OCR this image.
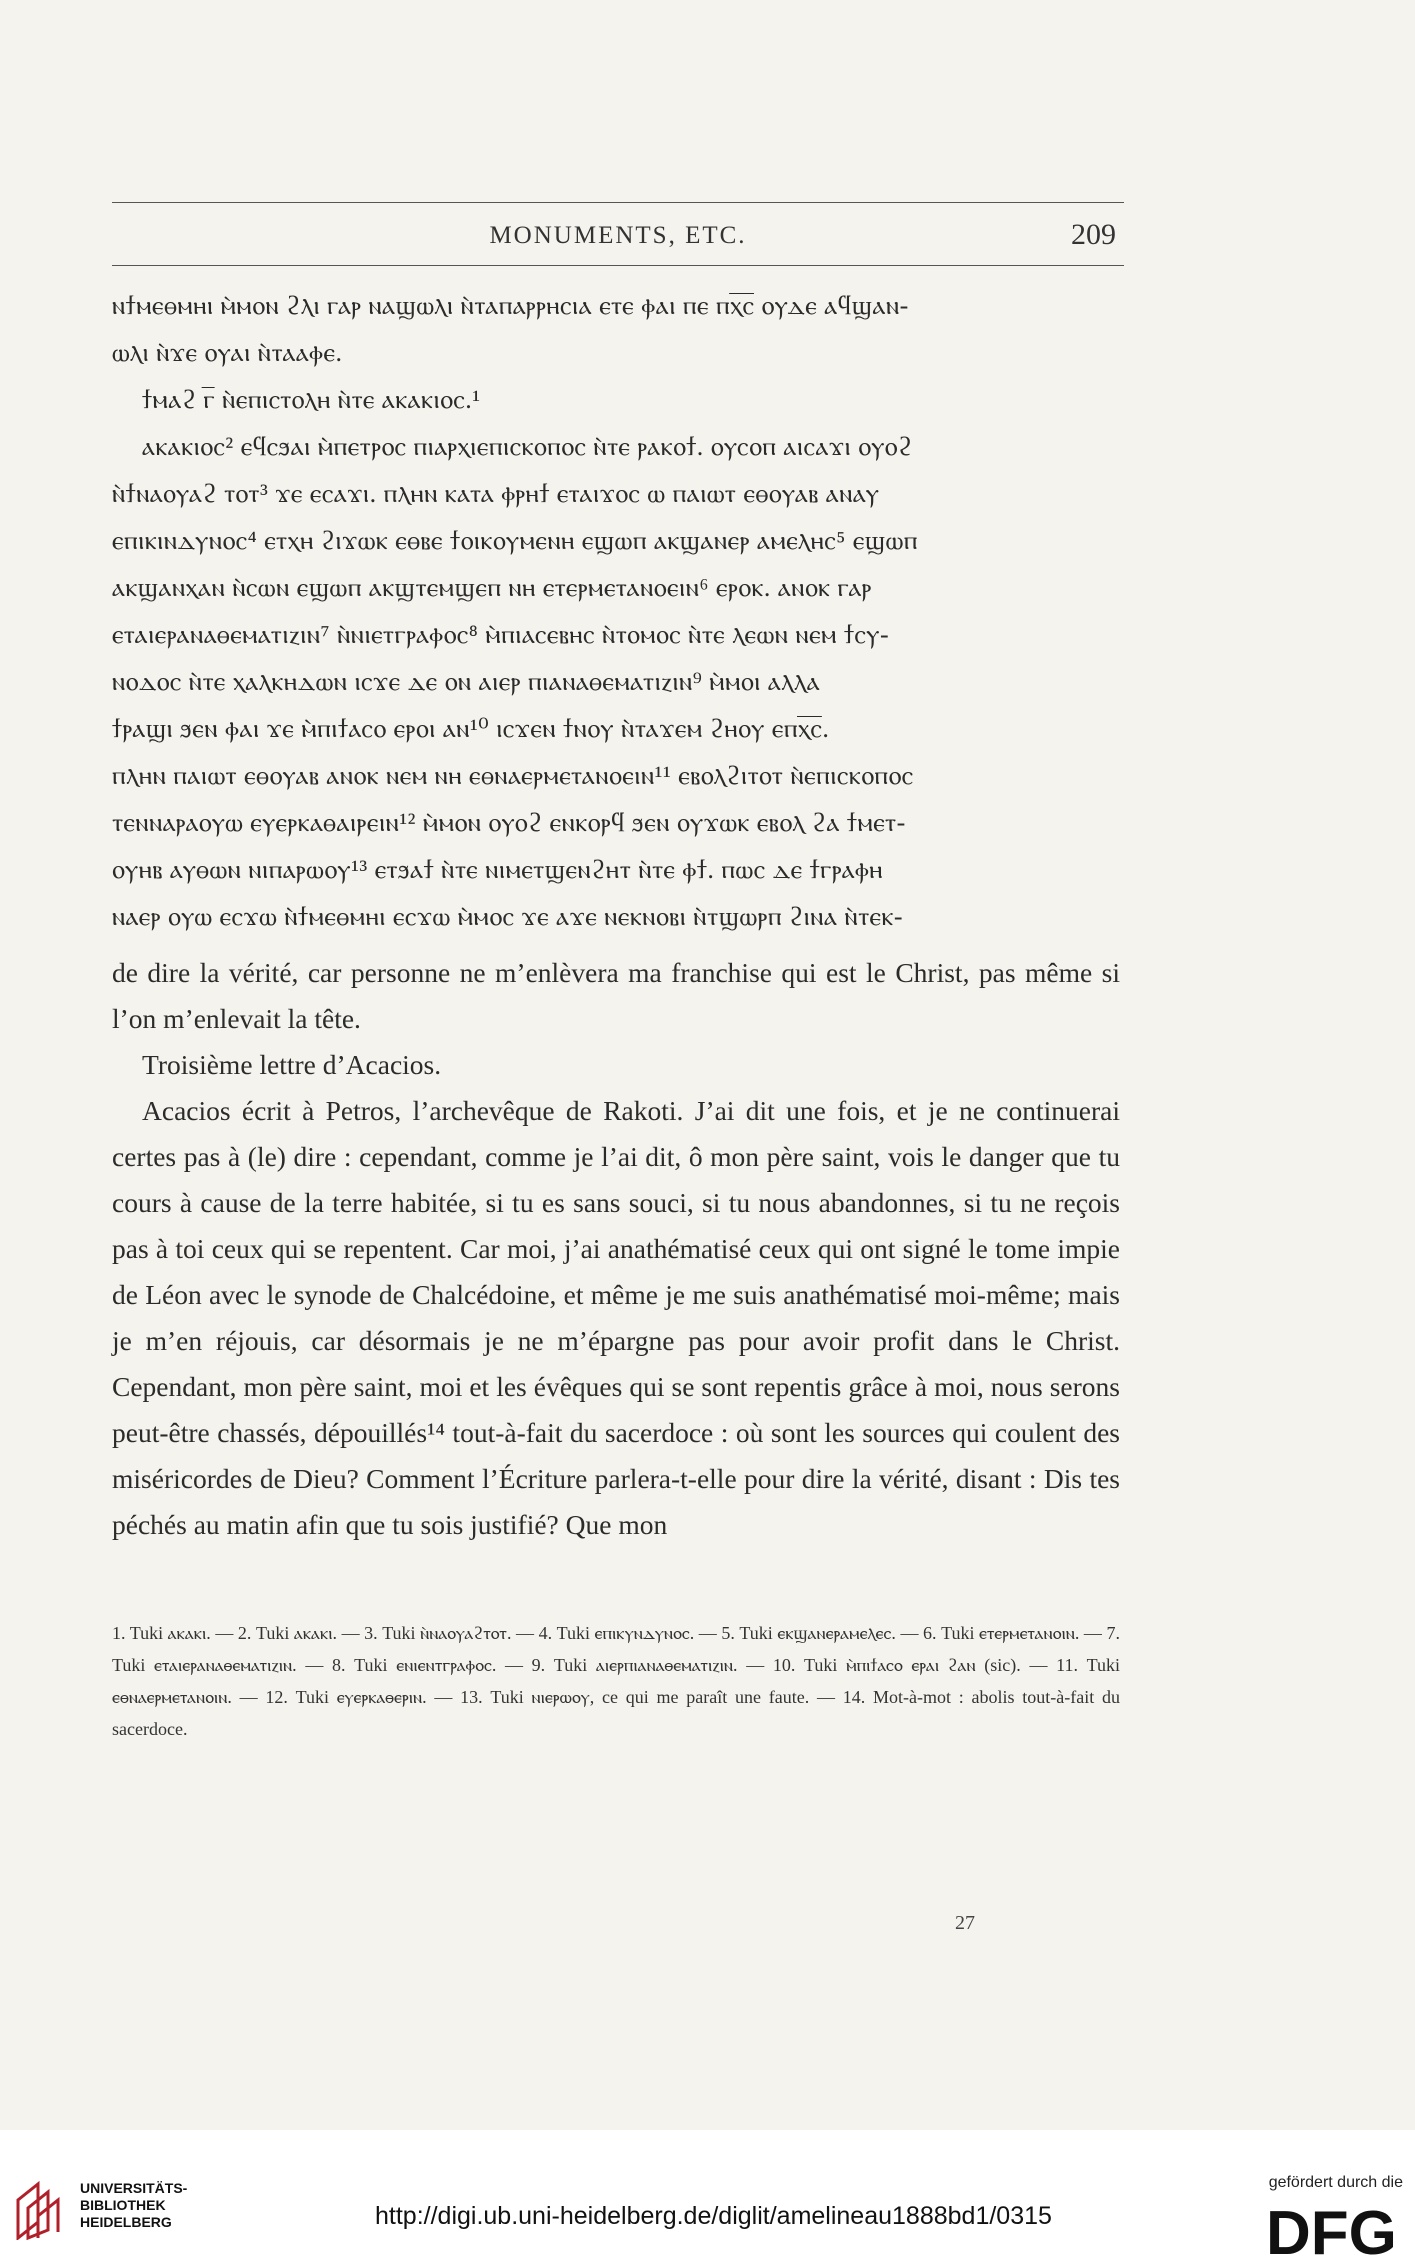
MONUMENTS, ETC.	209

ⲛϯⲙⲉⲑⲙⲏⲓ ⲙ̀ⲙⲟⲛ ϩⲗⲓ ⲅⲁⲣ ⲛⲁϣⲱⲗⲓ ⲛ̀ⲧⲁⲡⲁⲣⲣⲏⲥⲓⲁ ⲉⲧⲉ ⲫⲁⲓ ⲡⲉ ⲡⲭ̅ⲥ̅ ⲟⲩⲇⲉ ⲁϥϣⲁⲛ-

ⲱⲗⲓ ⲛ̀ϫⲉ ⲟⲩⲁⲓ ⲛ̀ⲧⲁⲁⲫⲉ.

ϯⲙⲁϩ ⲅ̅ ⲛ̀ⲉⲡⲓⲥⲧⲟⲗⲏ ⲛ̀ⲧⲉ ⲁⲕⲁⲕⲓⲟⲥ.¹

ⲁⲕⲁⲕⲓⲟⲥ² ⲉϥⲥϧⲁⲓ ⲙ̀ⲡⲉⲧⲣⲟⲥ ⲡⲓⲁⲣⲭⲓⲉⲡⲓⲥⲕⲟⲡⲟⲥ ⲛ̀ⲧⲉ ⲣⲁⲕⲟϯ. ⲟⲩⲥⲟⲡ ⲁⲓⲥⲁϫⲓ ⲟⲩⲟϩ

ⲛ̀ϯⲛⲁⲟⲩⲁϩ ⲧⲟⲧ³ ϫⲉ ⲉⲥⲁϫⲓ. ⲡⲗⲏⲛ ⲕⲁⲧⲁ ⲫⲣⲏϯ ⲉⲧⲁⲓϫⲟⲥ ⲱ ⲡⲁⲓⲱⲧ ⲉⲑⲟⲩⲁⲃ ⲁⲛⲁⲩ

ⲉⲡⲓⲕⲓⲛⲇⲩⲛⲟⲥ⁴ ⲉⲧⲭⲏ ϩⲓϫⲱⲕ ⲉⲑⲃⲉ ϯⲟⲓⲕⲟⲩⲙⲉⲛⲏ ⲉϣⲱⲡ ⲁⲕϣⲁⲛⲉⲣ ⲁⲙⲉⲗⲏⲥ⁵ ⲉϣⲱⲡ

ⲁⲕϣⲁⲛⲭⲁⲛ ⲛ̀ⲥⲱⲛ ⲉϣⲱⲡ ⲁⲕϣⲧⲉⲙϣⲉⲡ ⲛⲏ ⲉⲧⲉⲣⲙⲉⲧⲁⲛⲟⲉⲓⲛ⁶ ⲉⲣⲟⲕ. ⲁⲛⲟⲕ ⲅⲁⲣ

ⲉⲧⲁⲓⲉⲣⲁⲛⲁⲑⲉⲙⲁⲧⲓⲍⲓⲛ⁷ ⲛ̀ⲛⲓⲉⲧⲅⲣⲁⲫⲟⲥ⁸ ⲙ̀ⲡⲓⲁⲥⲉⲃⲏⲥ ⲛ̀ⲧⲟⲙⲟⲥ ⲛ̀ⲧⲉ ⲗⲉⲱⲛ ⲛⲉⲙ ϯⲥⲩ-

ⲛⲟⲇⲟⲥ ⲛ̀ⲧⲉ ⲭⲁⲗⲕⲏⲇⲱⲛ ⲓⲥϫⲉ ⲇⲉ ⲟⲛ ⲁⲓⲉⲣ ⲡⲓⲁⲛⲁⲑⲉⲙⲁⲧⲓⲍⲓⲛ⁹ ⲙ̀ⲙⲟⲓ ⲁⲗⲗⲁ

ϯⲣⲁϣⲓ ϧⲉⲛ ⲫⲁⲓ ϫⲉ ⲙ̀ⲡⲓϯⲁⲥⲟ ⲉⲣⲟⲓ ⲁⲛ¹⁰ ⲓⲥϫⲉⲛ ϯⲛⲟⲩ ⲛ̀ⲧⲁϫⲉⲙ ϩⲏⲟⲩ ⲉⲡⲭ̅ⲥ̅.

ⲡⲗⲏⲛ ⲡⲁⲓⲱⲧ ⲉⲑⲟⲩⲁⲃ ⲁⲛⲟⲕ ⲛⲉⲙ ⲛⲏ ⲉⲑⲛⲁⲉⲣⲙⲉⲧⲁⲛⲟⲉⲓⲛ¹¹ ⲉⲃⲟⲗϩⲓⲧⲟⲧ ⲛ̀ⲉⲡⲓⲥⲕⲟⲡⲟⲥ

ⲧⲉⲛⲛⲁⲣⲁⲟⲩⲱ ⲉⲩⲉⲣⲕⲁⲑⲁⲓⲣⲉⲓⲛ¹² ⲙ̀ⲙⲟⲛ ⲟⲩⲟϩ ⲉⲛⲕⲟⲣϥ ϧⲉⲛ ⲟⲩϫⲱⲕ ⲉⲃⲟⲗ ϩⲁ ϯⲙⲉⲧ-

ⲟⲩⲏⲃ ⲁⲩⲑⲱⲛ ⲛⲓⲡⲁⲣⲱⲟⲩ¹³ ⲉⲧϧⲁϯ ⲛ̀ⲧⲉ ⲛⲓⲙⲉⲧϣⲉⲛϩⲏⲧ ⲛ̀ⲧⲉ ⲫϯ. ⲡⲱⲥ ⲇⲉ ϯⲅⲣⲁⲫⲏ

ⲛⲁⲉⲣ ⲟⲩⲱ ⲉⲥϫⲱ ⲛ̀ϯⲙⲉⲑⲙⲏⲓ ⲉⲥϫⲱ ⲙ̀ⲙⲟⲥ ϫⲉ ⲁϫⲉ ⲛⲉⲕⲛⲟⲃⲓ ⲛ̀ⲧϣⲱⲣⲡ ϩⲓⲛⲁ ⲛ̀ⲧⲉⲕ-

de dire la vérité, car personne ne m’enlèvera ma franchise qui est le Christ, pas même si l’on m’enlevait la tête.

Troisième lettre d’Acacios.

Acacios écrit à Petros, l’archevêque de Rakoti. J’ai dit une fois, et je ne continuerai certes pas à (le) dire : cependant, comme je l’ai dit, ô mon père saint, vois le danger que tu cours à cause de la terre habitée, si tu es sans souci, si tu nous abandonnes, si tu ne reçois pas à toi ceux qui se repentent. Car moi, j’ai anathématisé ceux qui ont signé le tome impie de Léon avec le synode de Chalcédoine, et même je me suis anathématisé moi-même; mais je m’en réjouis, car désormais je ne m’épargne pas pour avoir profit dans le Christ. Cependant, mon père saint, moi et les évêques qui se sont repentis grâce à moi, nous serons peut-être chassés, dépouillés¹⁴ tout-à-fait du sacerdoce : où sont les sources qui coulent des miséricordes de Dieu? Comment l’Écriture parlera-t-elle pour dire la vérité, disant : Dis tes péchés au matin afin que tu sois justifié? Que mon

1. Tuki ⲁⲕⲁⲕⲓ. — 2. Tuki ⲁⲕⲁⲕⲓ. — 3. Tuki ⲛ̀ⲛⲁⲟⲩⲁϩⲧⲟⲧ. — 4. Tuki ⲉⲡⲓⲕⲩⲛⲇⲩⲛⲟⲥ. — 5. Tuki ⲉⲕϣⲁⲛⲉⲣⲁⲙⲉⲗⲉⲥ. — 6. Tuki ⲉⲧⲉⲣⲙⲉⲧⲁⲛⲟⲓⲛ. — 7. Tuki ⲉⲧⲁⲓⲉⲣⲁⲛⲁⲑⲉⲙⲁⲧⲓⲍⲓⲛ. — 8. Tuki ⲉⲛⲓⲉⲛⲧⲅⲣⲁⲫⲟⲥ. — 9. Tuki ⲁⲓⲉⲣⲡⲓⲁⲛⲁⲑⲉⲙⲁⲧⲓⲍⲓⲛ. — 10. Tuki ⲙ̀ⲡⲓϯⲁⲥⲟ ⲉⲣⲁⲓ ϩⲁⲛ (sic). — 11. Tuki ⲉⲑⲛⲁⲉⲣⲙⲉⲧⲁⲛⲟⲓⲛ. — 12. Tuki ⲉⲩⲉⲣⲕⲁⲑⲉⲣⲓⲛ. — 13. Tuki ⲛⲓⲉⲣⲱⲟⲩ, ce qui me paraît une faute. — 14. Mot-à-mot : abolis tout-à-fait du sacerdoce.
27
UNIVERSITÄTS-
BIBLIOTHEK
HEIDELBERG	http://digi.ub.uni-heidelberg.de/diglit/amelineau1888bd1/0315
gefördert durch die
DFG
